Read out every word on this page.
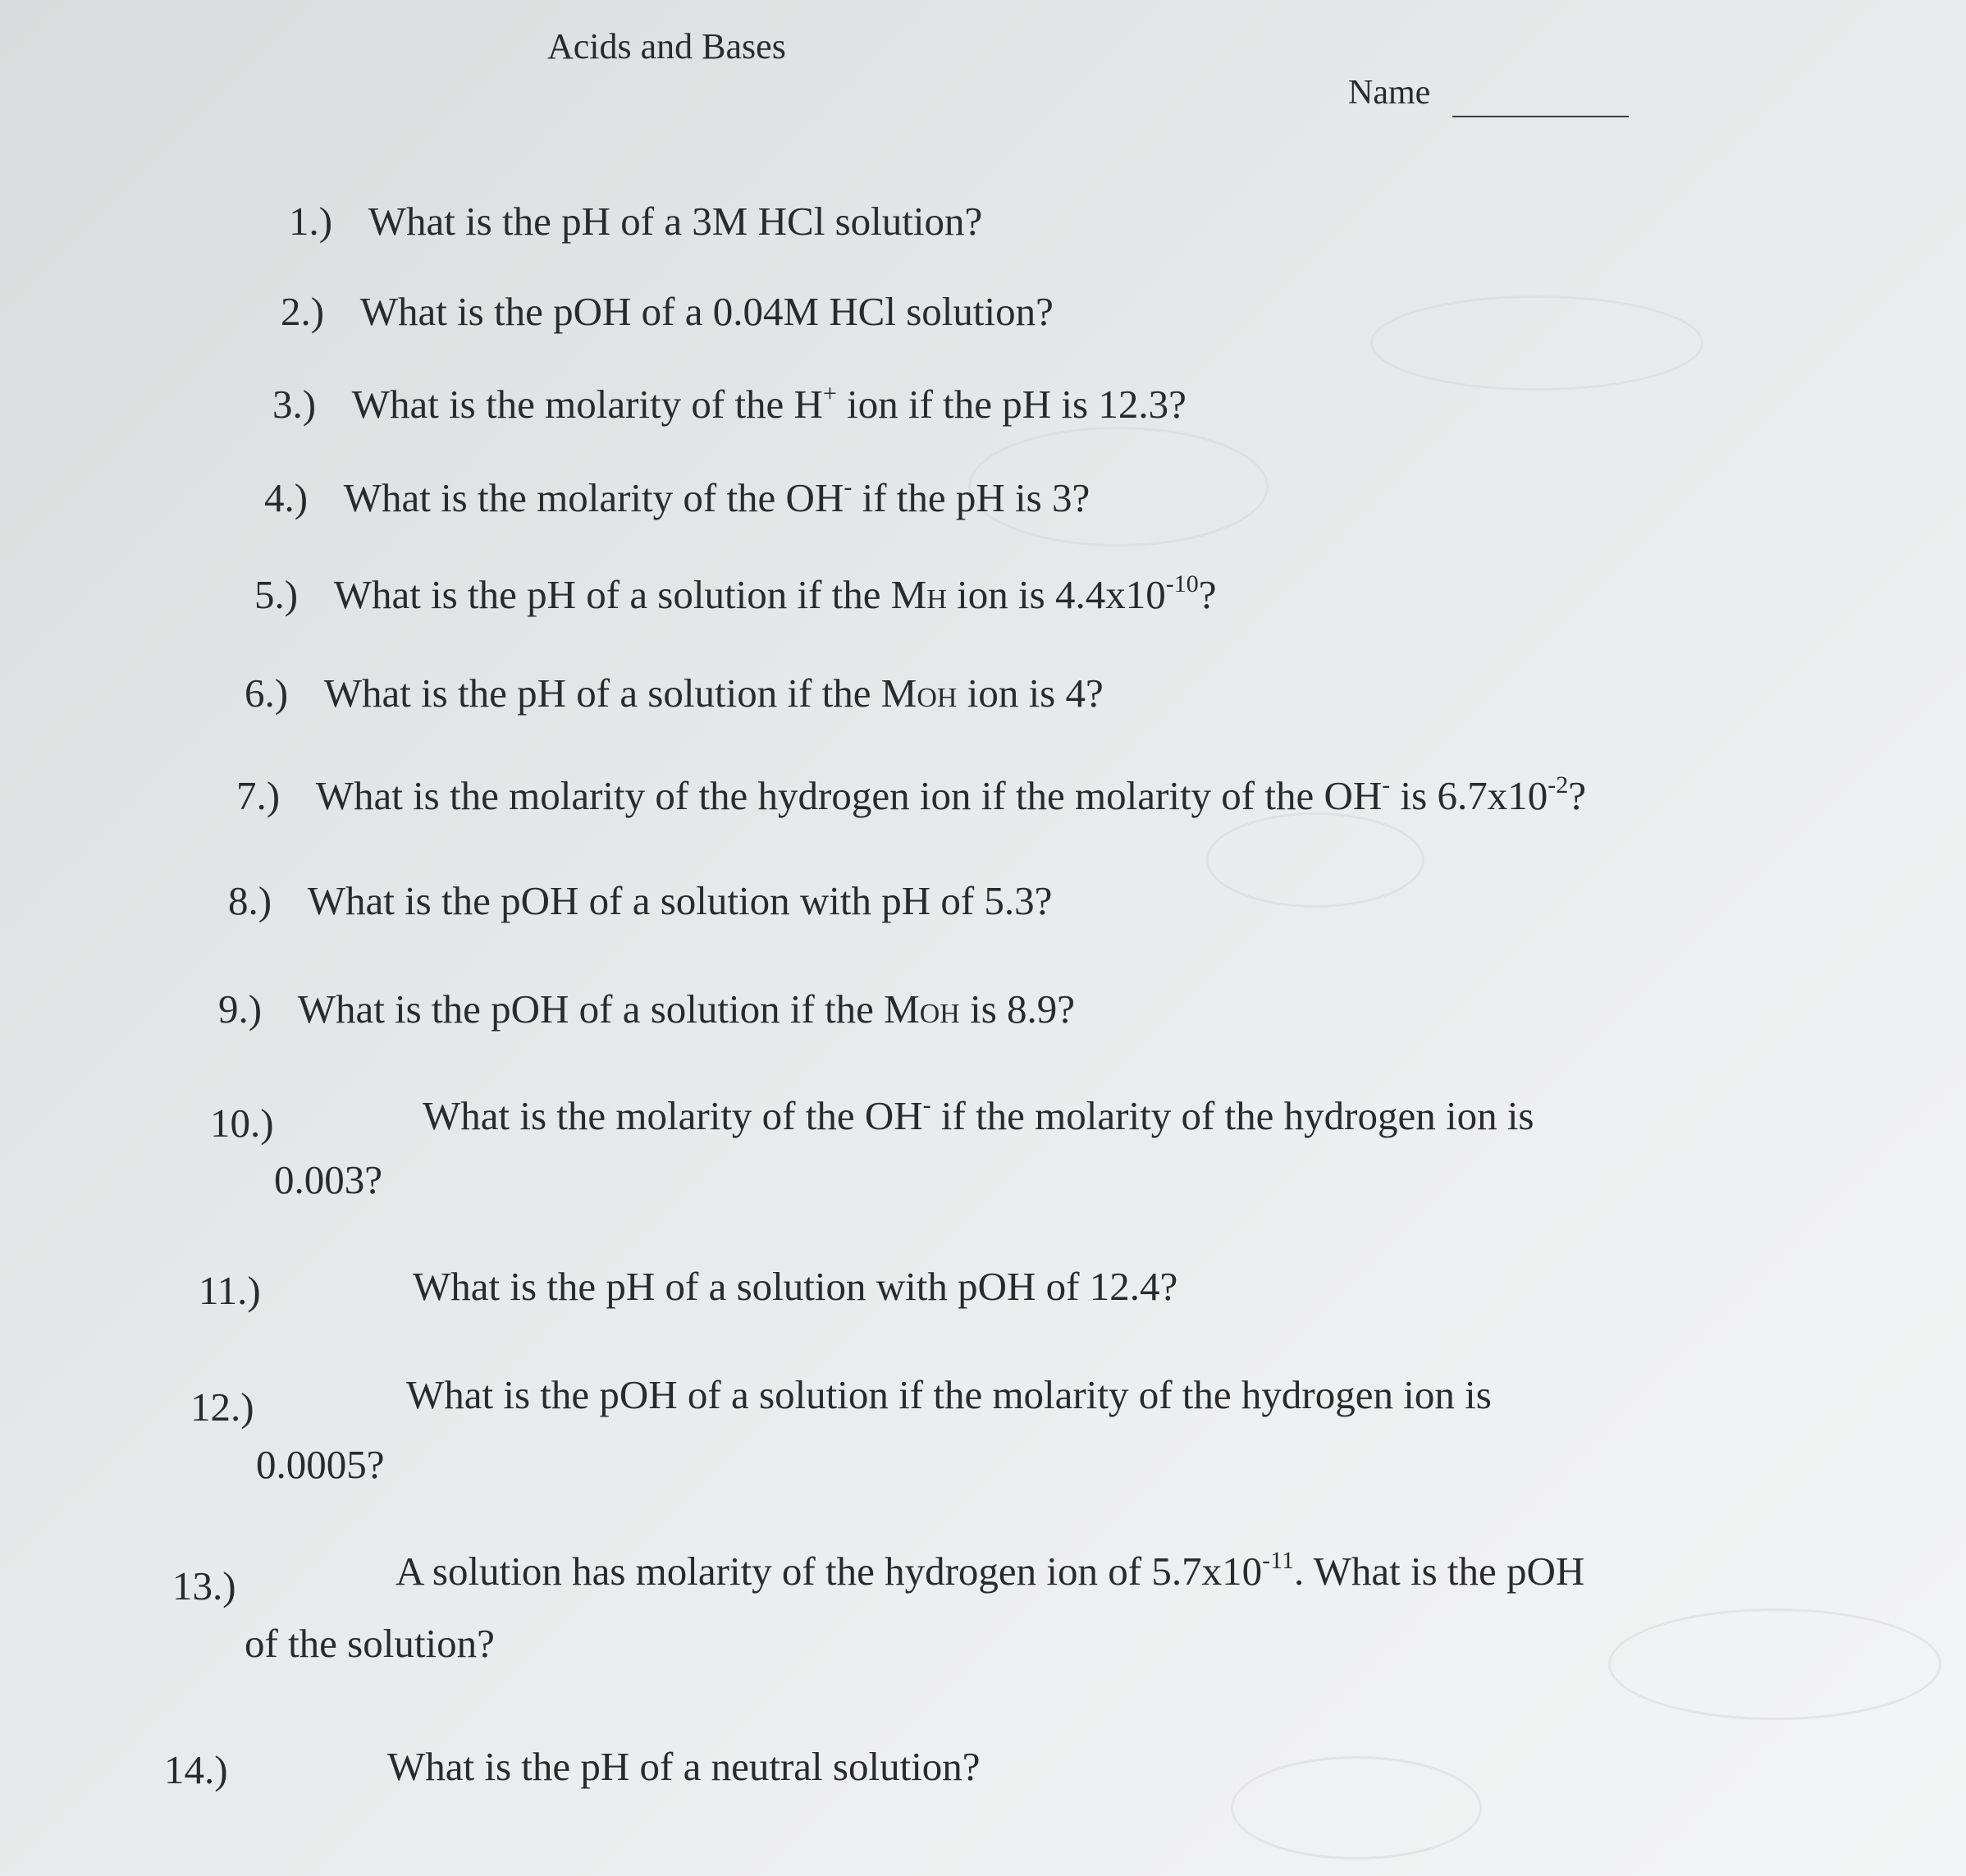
Acids and Bases
Name
1.) What is the pH of a 3M HCl solution?
2.) What is the pOH of a 0.04M HCl solution?
3.) What is the molarity of the H+ ion if the pH is 12.3?
4.) What is the molarity of the OH- if the pH is 3?
5.) What is the pH of a solution if the MH ion is $4.4x10^{-10}$?
6.) What is the pH of a solution if the MOH ion is 4?
7.) What is the molarity of the hydrogen ion if the molarity of the OH- is $6.7x10^{-2}$?
8.) What is the pOH of a solution with pH of 5.3?
9.) What is the pOH of a solution if the MOH is 8.9?
10.)	What is the molarity of the OH- if the molarity of the hydrogen ion is
0.003?
11.)	What is the pH of a solution with pOH of 12.4?
12.)	What is the pOH of a solution if the molarity of the hydrogen ion is
0.0005?
13.)	A solution has molarity of the hydrogen ion of $5.7x10^{-11}$. What is the pOH
of the solution?
14.)	What is the pH of a neutral solution?
